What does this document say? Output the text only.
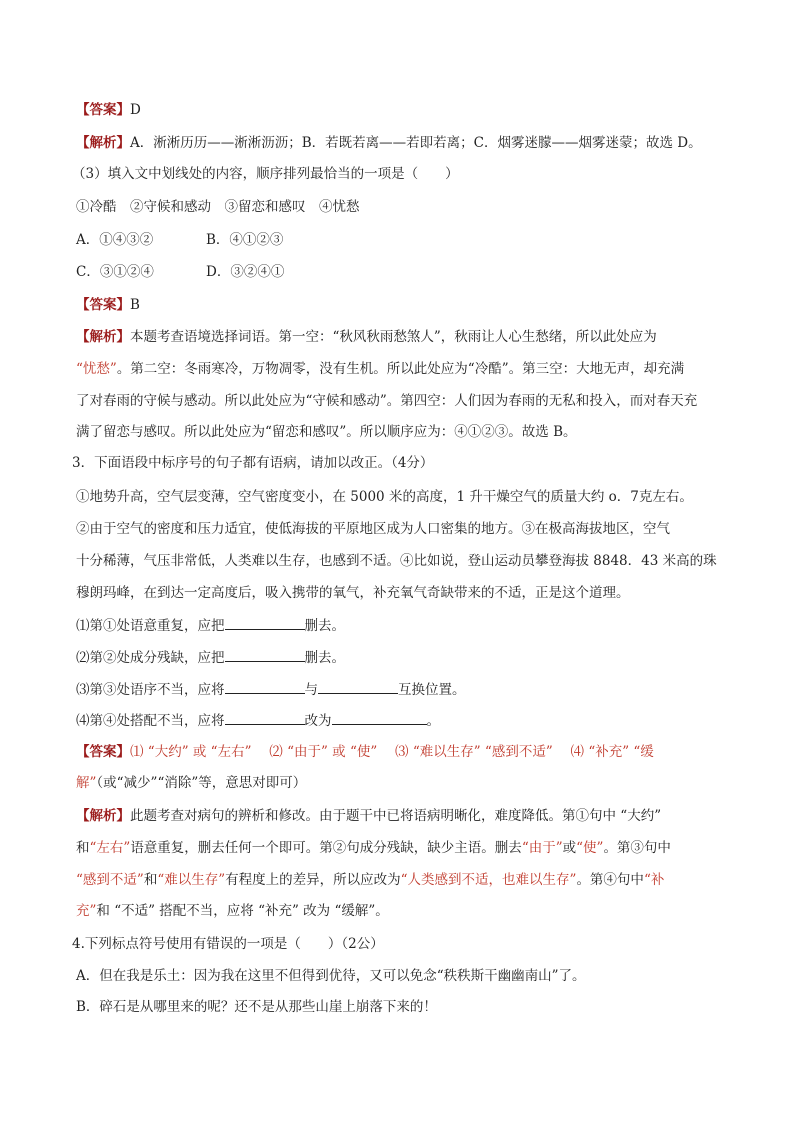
【答案】D
【解析】A．淅淅历历——淅淅沥沥；B．若既若离——若即若离；C．烟雾迷朦——烟雾迷蒙；故选 D。
（3）填入文中划线处的内容，顺序排列最恰当的一项是（　　）
①冷酷　②守候和感动　③留恋和感叹　④忧愁
A．①④③②	B．④①②③
C．③①②④	D．③②④①
【答案】B
【解析】本题考查语境选择词语。第一空：“秋风秋雨愁煞人”，秋雨让人心生愁绪，所以此处应为
“忧愁”。第二空：冬雨寒冷，万物凋零，没有生机。所以此处应为“冷酷”。第三空：大地无声，却充满
了对春雨的守候与感动。所以此处应为“守候和感动”。第四空：人们因为春雨的无私和投入，而对春天充
满了留恋与感叹。所以此处应为“留恋和感叹”。所以顺序应为：④①②③。故选 B。
3．下面语段中标序号的句子都有语病，请加以改正。（4分）
①地势升高，空气层变薄，空气密度变小，在 5000 米的高度，1 升干燥空气的质量大约 o．7克左右。
②由于空气的密度和压力适宜，使低海拔的平原地区成为人口密集的地方。③在极高海拔地区，空气
十分稀薄，气压非常低，人类难以生存，也感到不适。④比如说，登山运动员攀登海拔 8848．43 米高的珠
穆朗玛峰，在到达一定高度后，吸入携带的氧气，补充氧气奇缺带来的不适，正是这个道理。
⑴第①处语意重复，应把	删去。
⑵第②处成分残缺，应把	删去。
⑶第③处语序不当，应将	与	互换位置。
⑷第④处搭配不当，应将	改为	。
【答案】⑴ “大约” 或 “左右”　 ⑵ “由于” 或 “使”　 ⑶ “难以生存” “感到不适”　 ⑷ “补充” “缓
解”（或“减少”“消除”等，意思对即可）
【解析】此题考查对病句的辨析和修改。由于题干中已将语病明晰化，难度降低。第①句中 “大约”
和“左右”语意重复，删去任何一个即可。第②句成分残缺，缺少主语。删去“由于”或“使”。第③句中
“感到不适”和“难以生存”有程度上的差异，所以应改为“人类感到不适，也难以生存”。第④句中“补
充”和 “不适” 搭配不当，应将 “补充” 改为 “缓解”。
4.下列标点符号使用有错误的一项是（　　）（2公）
A．但在我是乐土：因为我在这里不但得到优待，又可以免念“秩秩斯干幽幽南山”了。
B．碎石是从哪里来的呢？还不是从那些山崖上崩落下来的！
